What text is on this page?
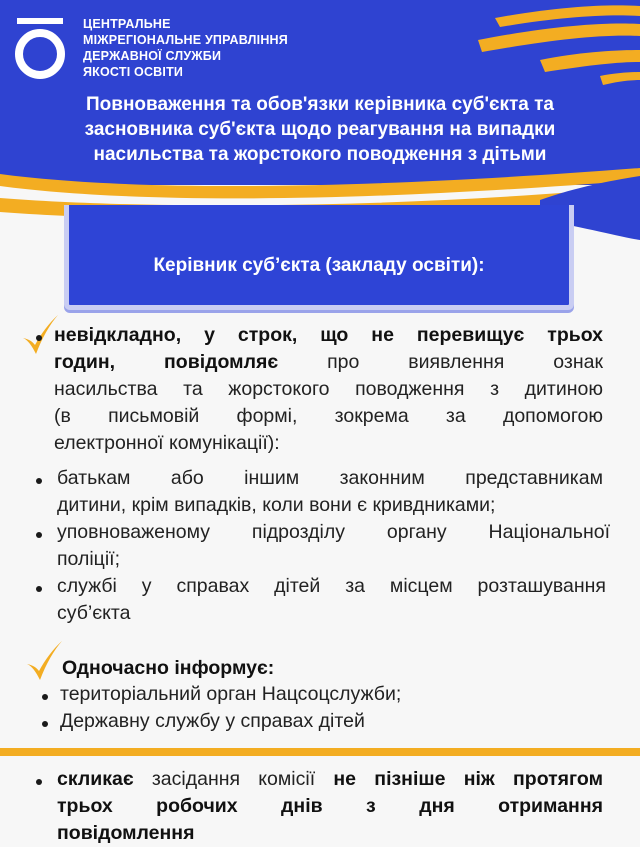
ЦЕНТРАЛЬНЕ
МІЖРЕГІОНАЛЬНЕ УПРАВЛІННЯ
ДЕРЖАВНОЇ СЛУЖБИ
ЯКОСТІ ОСВІТИ
Повноваження та обов'язки керівника суб'єкта та
засновника суб'єкта щодо реагування на випадки
насильства та жорстокого поводження з дітьми
Керівник суб’єкта (закладу освіти):
невідкладно, у строк, що не перевищує трьох
годин, повідомляє	про виявлення ознак
насильства та жорстокого поводження з дитиною
(в письмовій формі, зокрема за допомогою
електронної комунікації):
батькам або іншим законним представникам
дитини, крім випадків, коли вони є кривдниками;
уповноваженому підрозділу органу Національної
поліції;
службі у справах дітей за місцем розташування
суб’єкта
Одночасно інформує:
територіальний орган Нацсоцслужби;
Державну службу у справах дітей
скликає засідання комісії не пізніше ніж протягом
трьох робочих днів з дня отримання
повідомлення
